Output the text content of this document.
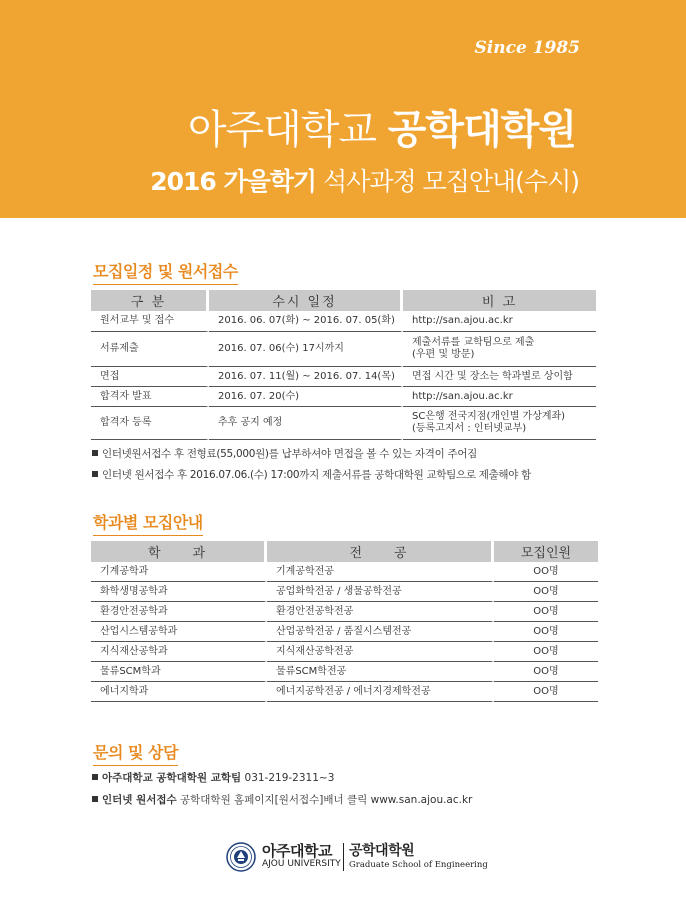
Since 1985
아주대학교 공학대학원
2016 가을학기 석사과정 모집안내(수시)
모집일정 및 원서접수
구 분	수시 일정	비 고
원서교부 및 접수	2016. 06. 07(화) ~ 2016. 07. 05(화)	http://san.ajou.ac.kr

서류제출	2016. 07. 06(수) 17시까지	제출서류를 교학팀으로 제출
(우편 및 방문)

면접	2016. 07. 11(월) ~ 2016. 07. 14(목)	면접 시간 및 장소는 학과별로 상이함

합격자 발표	2016. 07. 20(수)	http://san.ajou.ac.kr

합격자 등록	추후 공지 예정	SC은행 전국지점(개인별 가상계좌)
(등록고지서 : 인터넷교부)
인터넷원서접수 후 전형료(55,000원)를 납부하셔야 면접을 볼 수 있는 자격이 주어짐
인터넷 원서접수 후 2016.07.06.(수) 17:00까지 제출서류를 공학대학원 교학팀으로 제출해야 함
학과별 모집안내
학　　과	전　　공	모집인원
기계공학과	기계공학전공	OO명
화학생명공학과	공업화학전공 / 생물공학전공	OO명
환경안전공학과	환경안전공학전공	OO명
산업시스템공학과	산업공학전공 / 품질시스템전공	OO명
지식재산공학과	지식재산공학전공	OO명
물류SCM학과	물류SCM학전공	OO명
에너지학과	에너지공학전공 / 에너지경제학전공	OO명
문의 및 상담
아주대학교 공학대학원 교학팀 031-219-2311~3
인터넷 원서접수 공학대학원 홈페이지[원서접수]배너 클릭 www.san.ajou.ac.kr
아주대학교
AJOU UNIVERSITY
공학대학원
Graduate School of Engineering
